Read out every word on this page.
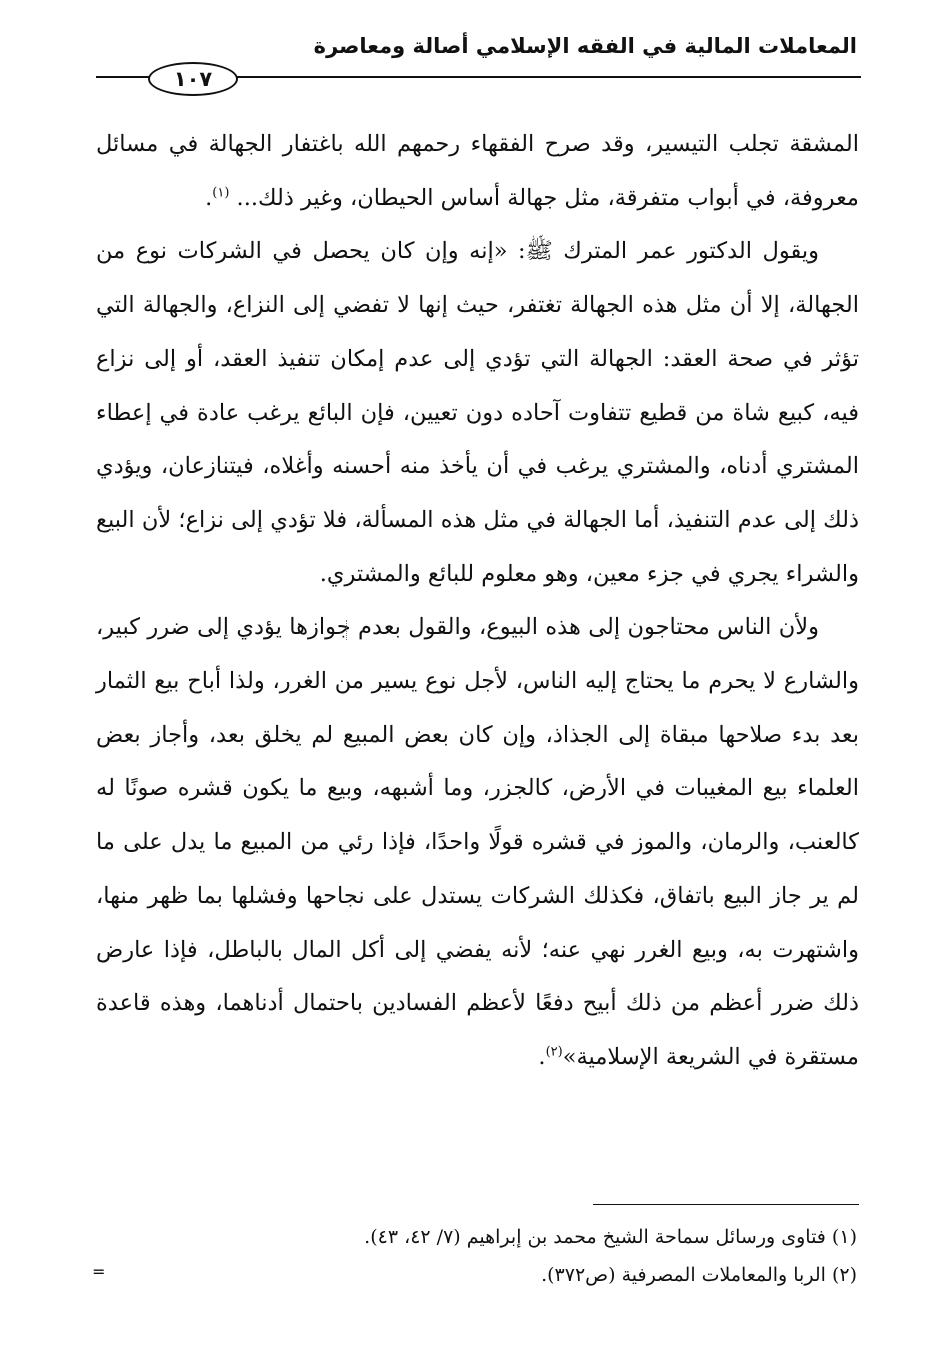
المعاملات المالية في الفقه الإسلامي أصالة ومعاصرة
١٠٧

المشقة تجلب التيسير، وقد صرح الفقهاء رحمهم الله باغتفار الجهالة في مسائل معروفة، في أبواب متفرقة، مثل جهالة أساس الحيطان، وغير ذلك... $^{(١)}$.

ويقول الدكتور عمر المترك ﷺ: «إنه وإن كان يحصل في الشركات نوع من الجهالة، إلا أن مثل هذه الجهالة تغتفر، حيث إنها لا تفضي إلى النزاع، والجهالة التي تؤثر في صحة العقد: الجهالة التي تؤدي إلى عدم إمكان تنفيذ العقد، أو إلى نزاع فيه، كبيع شاة من قطيع تتفاوت آحاده دون تعيين، فإن البائع يرغب عادة في إعطاء المشتري أدناه، والمشتري يرغب في أن يأخذ منه أحسنه وأغلاه، فيتنازعان، ويؤدي ذلك إلى عدم التنفيذ، أما الجهالة في مثل هذه المسألة، فلا تؤدي إلى نزاع؛ لأن البيع والشراء يجري في جزء معين، وهو معلوم للبائع والمشتري.

ولأن الناس محتاجون إلى هذه البيوع، والقول بعدم جوازها يؤدي إلى ضرر كبير، والشارع لا يحرم ما يحتاج إليه الناس، لأجل نوع يسير من الغرر، ولذا أباح بيع الثمار بعد بدء صلاحها مبقاة إلى الجذاذ، وإن كان بعض المبيع لم يخلق بعد، وأجاز بعض العلماء بيع المغيبات في الأرض، كالجزر، وما أشبهه، وبيع ما يكون قشره صونًا له كالعنب، والرمان، والموز في قشره قولًا واحدًا، فإذا رئي من المبيع ما يدل على ما لم ير جاز البيع باتفاق، فكذلك الشركات يستدل على نجاحها وفشلها بما ظهر منها، واشتهرت به، وبيع الغرر نهي عنه؛ لأنه يفضي إلى أكل المال بالباطل، فإذا عارض ذلك ضرر أعظم من ذلك أبيح دفعًا لأعظم الفسادين باحتمال أدناهما، وهذه قاعدة مستقرة في الشريعة الإسلامية»$^{(٢)}$.

(١) فتاوى ورسائل سماحة الشيخ محمد بن إبراهيم (٧/ ٤٢، ٤٣).
(٢) الربا والمعاملات المصرفية (ص٣٧٢).
=
